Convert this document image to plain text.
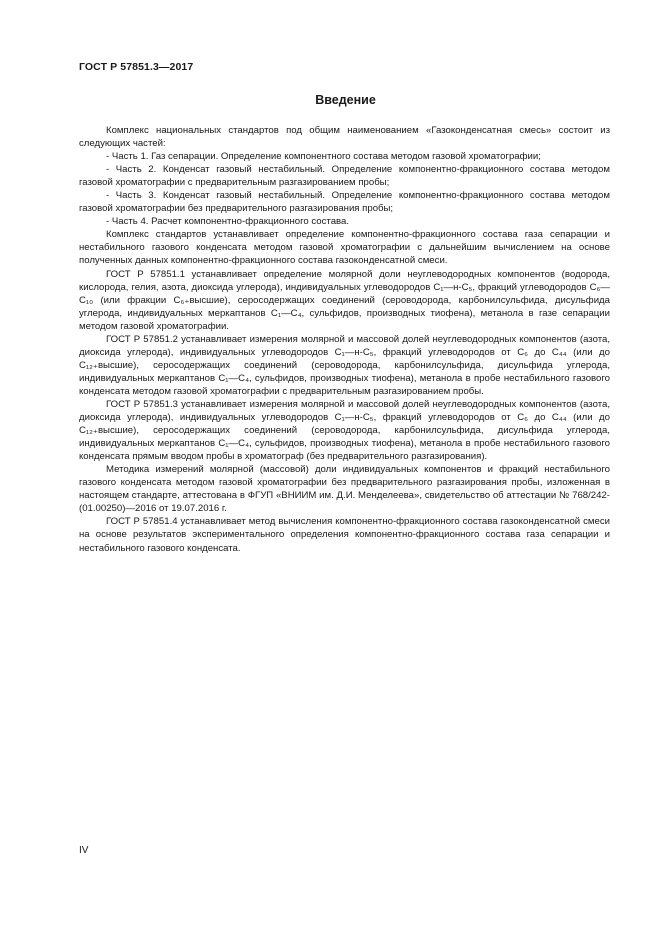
ГОСТ Р 57851.3—2017
Введение

Комплекс национальных стандартов под общим наименованием «Газоконденсатная смесь» состоит из следующих частей:

- Часть 1. Газ сепарации. Определение компонентного состава методом газовой хроматографии;

- Часть 2. Конденсат газовый нестабильный. Определение компонентно-фракционного состава методом газовой хроматографии с предварительным разгазированием пробы;

- Часть 3. Конденсат газовый нестабильный. Определение компонентно-фракционного состава методом газовой хроматографии без предварительного разгазирования пробы;

- Часть 4. Расчет компонентно-фракционного состава.

Комплекс стандартов устанавливает определение компонентно-фракционного состава газа сепарации и нестабильного газового конденсата методом газовой хроматографии с дальнейшим вычислением на основе полученных данных компонентно-фракционного состава газоконденсатной смеси.

ГОСТ Р 57851.1 устанавливает определение молярной доли неуглеводородных компонентов (водорода, кислорода, гелия, азота, диоксида углерода), индивидуальных углеводородов C₁—н-C₅, фракций углеводородов C₆—C₁₀ (или фракции C₆₊высшие), серосодержащих соединений (сероводорода, карбонилсульфида, дисульфида углерода, индивидуальных меркаптанов C₁—C₄, сульфидов, производных тиофена), метанола в газе сепарации методом газовой хроматографии.

ГОСТ Р 57851.2 устанавливает измерения молярной и массовой долей неуглеводородных компонентов (азота, диоксида углерода), индивидуальных углеводородов C₁—н-C₅, фракций углеводородов от C₆ до C₄₄ (или до C₁₂₊высшие), серосодержащих соединений (сероводорода, карбонилсульфида, дисульфида углерода, индивидуальных меркаптанов C₁—C₄, сульфидов, производных тиофена), метанола в пробе нестабильного газового конденсата методом газовой хроматографии с предварительным разгазированием пробы.

ГОСТ Р 57851.3 устанавливает измерения молярной и массовой долей неуглеводородных компонентов (азота, диоксида углерода), индивидуальных углеводородов C₁—н-C₅, фракций углеводородов от C₆ до C₄₄ (или до C₁₂₊высшие), серосодержащих соединений (сероводорода, карбонилсульфида, дисульфида углерода, индивидуальных меркаптанов C₁—C₄, сульфидов, производных тиофена), метанола в пробе нестабильного газового конденсата прямым вводом пробы в хроматограф (без предварительного разгазирования).

Методика измерений молярной (массовой) доли индивидуальных компонентов и фракций нестабильного газового конденсата методом газовой хроматографии без предварительного разгазирования пробы, изложенная в настоящем стандарте, аттестована в ФГУП «ВНИИМ им. Д.И. Менделеева», свидетельство об аттестации № 768/242-(01.00250)—2016 от 19.07.2016 г.

ГОСТ Р 57851.4 устанавливает метод вычисления компонентно-фракционного состава газоконденсатной смеси на основе результатов экспериментального определения компонентно-фракционного состава газа сепарации и нестабильного газового конденсата.

IV
